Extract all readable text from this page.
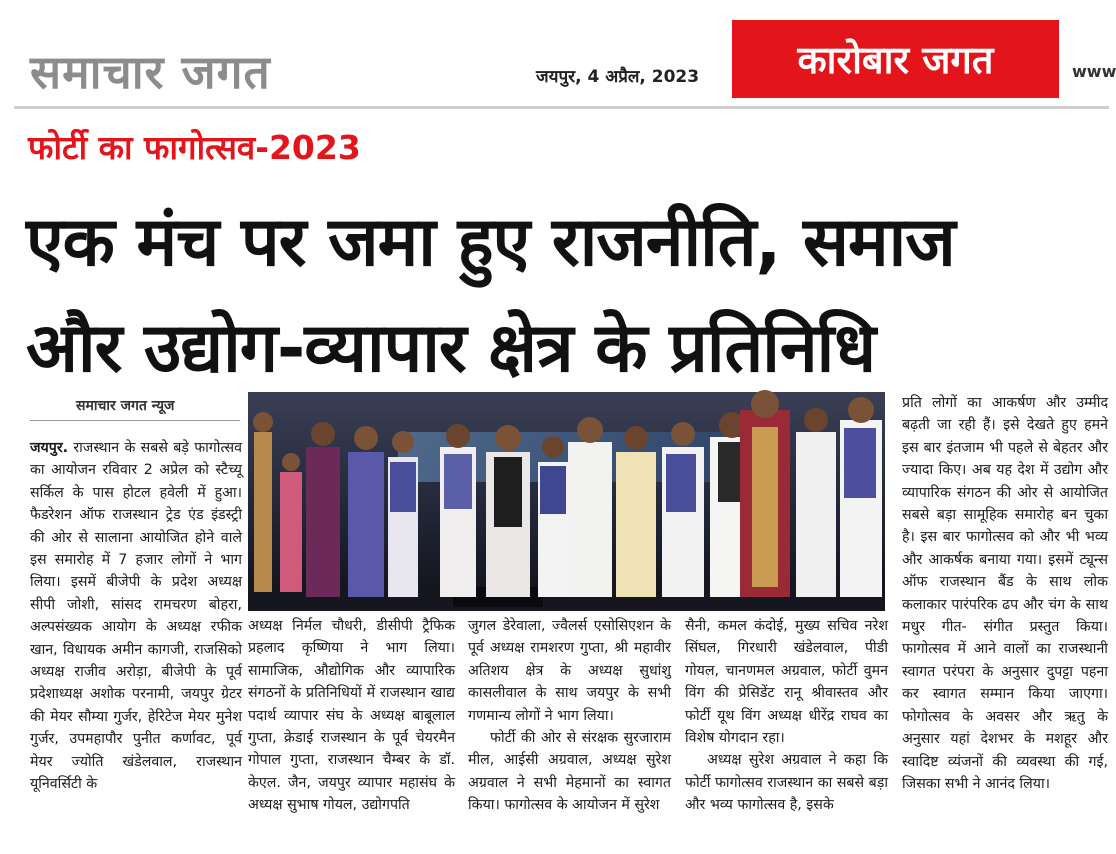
समाचार जगत	जयपुर, 4 अप्रैल, 2023	कारोबार जगत	www
फोर्टी का फागोत्सव-2023
एक मंच पर जमा हुए राजनीति, समाज
और उद्योग-व्यापार क्षेत्र के प्रतिनिधि
समाचार जगत न्यूज
जयपुर. राजस्थान के सबसे बड़े फागोत्सव का आयोजन रविवार 2 अप्रेल को स्टैच्यू सर्किल के पास होटल हवेली में हुआ। फैडरेशन ऑफ राजस्थान ट्रेड एंड इंडस्ट्री की ओर से सालाना आयोजित होने वाले इस समारोह में 7 हजार लोगों ने भाग लिया। इसमें बीजेपी के प्रदेश अध्यक्ष सीपी जोशी, सांसद रामचरण बोहरा, अल्पसंख्यक आयोग के अध्यक्ष रफीक खान, विधायक अमीन कागजी, राजसिको अध्यक्ष राजीव अरोड़ा, बीजेपी के पूर्व प्रदेशाध्यक्ष अशोक परनामी, जयपुर ग्रेटर की मेयर सौम्या गुर्जर, हेरिटेज मेयर मुनेश गुर्जर, उपमहापौर पुनीत कर्णावट, पूर्व मेयर ज्योति खंडेलवाल, राजस्थान यूनिवर्सिटी के
अध्यक्ष निर्मल चौधरी, डीसीपी ट्रैफिक प्रहलाद कृष्णिया ने भाग लिया। सामाजिक, औद्योगिक और व्यापारिक संगठनों के प्रतिनिधियों में राजस्थान खाद्य पदार्थ व्यापार संघ के अध्यक्ष बाबूलाल गुप्ता, क्रेडाई राजस्थान के पूर्व चेयरमैन गोपाल गुप्ता, राजस्थान चैम्बर के डॉ. केएल. जैन, जयपुर व्यापार महासंघ के अध्यक्ष सुभाष गोयल, उद्योगपति
जुगल डेरेवाला, ज्वैलर्स एसोसिएशन के पूर्व अध्यक्ष रामशरण गुप्ता, श्री महावीर अतिशय क्षेत्र के अध्यक्ष सुधांशु कासलीवाल के साथ जयपुर के सभी गणमान्य लोगों ने भाग लिया।
फोर्टी की ओर से संरक्षक सुरजाराम मील, आईसी अग्रवाल, अध्यक्ष सुरेश अग्रवाल ने सभी मेहमानों का स्वागत किया। फागोत्सव के आयोजन में सुरेश
सैनी, कमल कंदोई, मुख्य सचिव नरेश सिंघल, गिरधारी खंडेलवाल, पीडी गोयल, चानणमल अग्रवाल, फोर्टी वुमन विंग की प्रेसिडेंट रानू श्रीवास्तव और फोर्टी यूथ विंग अध्यक्ष धीरेंद्र राघव का विशेष योगदान रहा।
अध्यक्ष सुरेश अग्रवाल ने कहा कि फोर्टी फागोत्सव राजस्थान का सबसे बड़ा और भव्य फागोत्सव है, इसके
प्रति लोगों का आकर्षण और उम्मीद बढ़ती जा रही हैं। इसे देखते हुए हमने इस बार इंतजाम भी पहले से बेहतर और ज्यादा किए। अब यह देश में उद्योग और व्यापारिक संगठन की ओर से आयोजित सबसे बड़ा सामूहिक समारोह बन चुका है। इस बार फागोत्सव को और भी भव्य और आकर्षक बनाया गया। इसमें ट्यून्स ऑफ राजस्थान बैंड के साथ लोक कलाकार पारंपरिक ढप और चंग के साथ मधुर गीत- संगीत प्रस्तुत किया। फागोत्सव में आने वालों का राजस्थानी स्वागत परंपरा के अनुसार दुपट्टा पहना कर स्वागत सम्मान किया जाएगा। फोगोत्सव के अवसर और ऋतु के अनुसार यहां देशभर के मशहूर और स्वादिष्ट व्यंजनों की व्यवस्था की गई, जिसका सभी ने आनंद लिया।
